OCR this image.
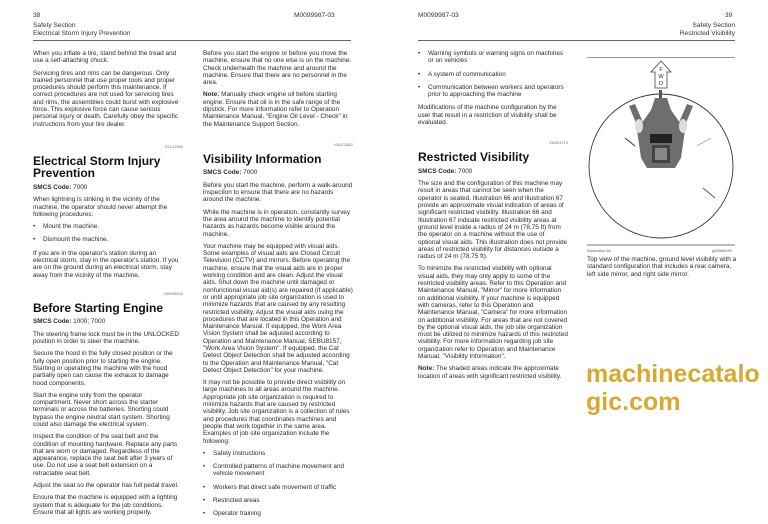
38	M0099987-03
Safety Section
Electrical Storm Injury Prevention
M0099987-03	39
Safety Section
Restricted Visibility

When you inflate a tire, stand behind the tread and use a self-attaching chuck.

Servicing tires and rims can be dangerous. Only trained personnel that use proper tools and proper procedures should perform this maintenance. If correct procedures are not used for servicing tires and rims, the assemblies could burst with explosive force. This explosive force can cause serious personal injury or death. Carefully obey the specific instructions from your tire dealer.

i01122596
Electrical Storm Injury Prevention

SMCS Code: 7000

When lightning is striking in the vicinity of the machine, the operator should never attempt the following procedures:

• Mount the machine.
• Dismount the machine.

If you are in the operator's station during an electrical storm, stay in the operator's station. If you are on the ground during an electrical storm, stay away from the vicinity of the machine.

i06648834
Before Starting Engine

SMCS Code: 1000; 7000

The steering frame lock must be in the UNLOCKED position in order to steer the machine.

Secure the hood in the fully closed position or the fully open position prior to starting the engine. Starting or operating the machine with the hood partially open can cause the exhaust to damage hood components.

Start the engine only from the operator compartment. Never short across the starter terminals or across the batteries. Shorting could bypass the engine neutral start system. Shorting could also damage the electrical system.

Inspect the condition of the seat belt and the condition of mounting hardware. Replace any parts that are worn or damaged. Regardless of the appearance, replace the seat belt after 3 years of use. Do not use a seat belt extension on a retractable seat belt.

Adjust the seat so the operator has full pedal travel.

Ensure that the machine is equipped with a lighting system that is adequate for the job conditions. Ensure that all lights are working properly.

Before you start the engine or before you move the machine, ensure that no one else is on the machine. Check underneath the machine and around the machine. Ensure that there are no personnel in the area.

Note: Manually check engine oil before starting engine. Ensure that oil is in the safe range of the dipstick. For more information refer to Operation Maintenance Manual, "Engine Oil Level - Check" in the Maintenance Support Section.

i06473652
Visibility Information

SMCS Code: 7000

Before you start the machine, perform a walk-around inspection to ensure that there are no hazards around the machine.

While the machine is in operation, constantly survey the area around the machine to identify potential hazards as hazards become visible around the machine.

Your machine may be equipped with visual aids. Some examples of visual aids are Closed Circuit Television (CCTV) and mirrors. Before operating the machine, ensure that the visual aids are in proper working condition and are clean. Adjust the visual aids. Shut down the machine until damaged or nonfunctional visual aid(s) are repaired (if applicable) or until appropriate job site organization is used to minimize hazards that are caused by any resulting restricted visibility. Adjust the visual aids using the procedures that are located in this Operation and Maintenance Manual. If equipped, the Work Area Vision System shall be adjusted according to Operation and Maintenance Manual, SEBU8157, "Work Area Vision System". If equipped, the Cat Detect Object Detection shall be adjusted according to the Operation and Maintenance Manual, "Cat Detect Object Detection" for your machine.

It may not be possible to provide direct visibility on large machines to all areas around the machine. Appropriate job site organization is required to minimize hazards that are caused by restricted visibility. Job site organization is a collection of rules and procedures that coordinates machines and people that work together in the same area. Examples of job site organization include the following:

• Safety instructions
• Controlled patterns of machine movement and vehicle movement
• Workers that direct safe movement of traffic
• Restricted areas
• Operator training
• Warning symbols or warning signs on machines or on vehicles
• A system of communication
• Communication between workers and operators prior to approaching the machine

Modifications of the machine configuration by the user that result in a restriction of visibility shall be evaluated.

i06524715
Restricted Visibility

SMCS Code: 7000

The size and the configuration of this machine may result in areas that cannot be seen when the operator is seated. Illustration 66 and Illustration 67 provide an approximate visual indication of areas of significant restricted visibility. Illustration 66 and Illustration 67 indicate restricted visibility areas at ground level inside a radius of 24 m (78.75 ft) from the operator on a machine without the use of optional visual aids. This illustration does not provide areas of restricted visibility for distances outside a radius of 24 m (78.75 ft).

To minimize the restricted visibility with optional visual aids, they may only apply to some of the restricted visibility areas. Refer to this Operation and Maintenance Manual, "Mirror" for more information on additional visibility. If your machine is equipped with cameras, refer to this Operation and Maintenance Manual, "Camera" for more information on additional visibility. For areas that are not covered by the optional visual aids, the job site organization must be utilized to minimize hazards of this restricted visibility. For more information regarding job site organization refer to Operation and Maintenance Manual, "Visibility Information".

Note: The shaded areas indicate the approximate location of areas with significant restricted visibility.

F
W
D
Illustration 66	g06568490
Top view of the machine, ground level visibility with a standard configuration that includes a rear camera, left side mirror, and right side mirror.
machinecatalogic.com
